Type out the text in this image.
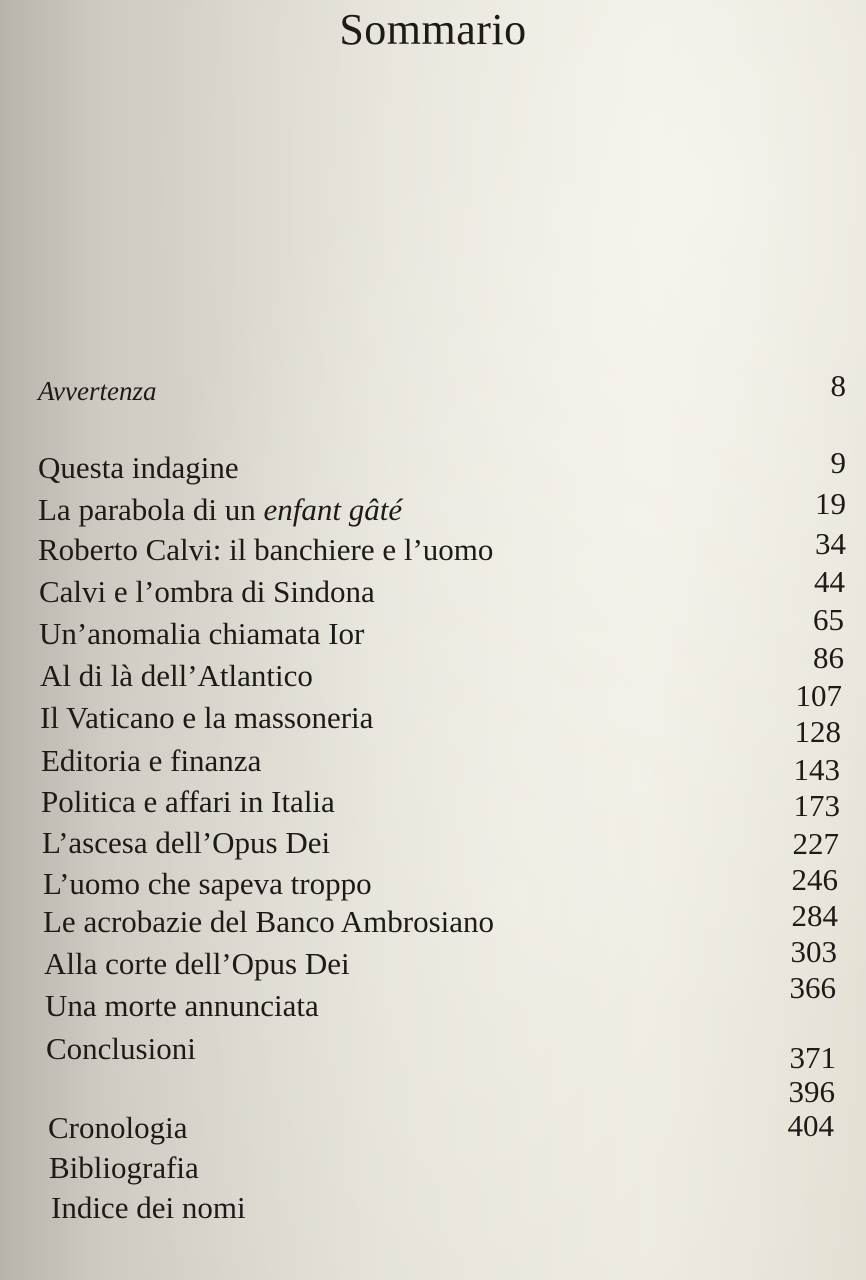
Sommario
Avvertenza
Questa indagine
La parabola di un enfant gâté
Roberto Calvi: il banchiere e l’uomo
Calvi e l’ombra di Sindona
Un’anomalia chiamata Ior
Al di là dell’Atlantico
Il Vaticano e la massoneria
Editoria e finanza
Politica e affari in Italia
L’ascesa dell’Opus Dei
L’uomo che sapeva troppo
Le acrobazie del Banco Ambrosiano
Alla corte dell’Opus Dei
Una morte annunciata
Conclusioni
Cronologia
Bibliografia
Indice dei nomi
8
9
19
34
44
65
86
107
128
143
173
227
246
284
303
366
371
396
404
